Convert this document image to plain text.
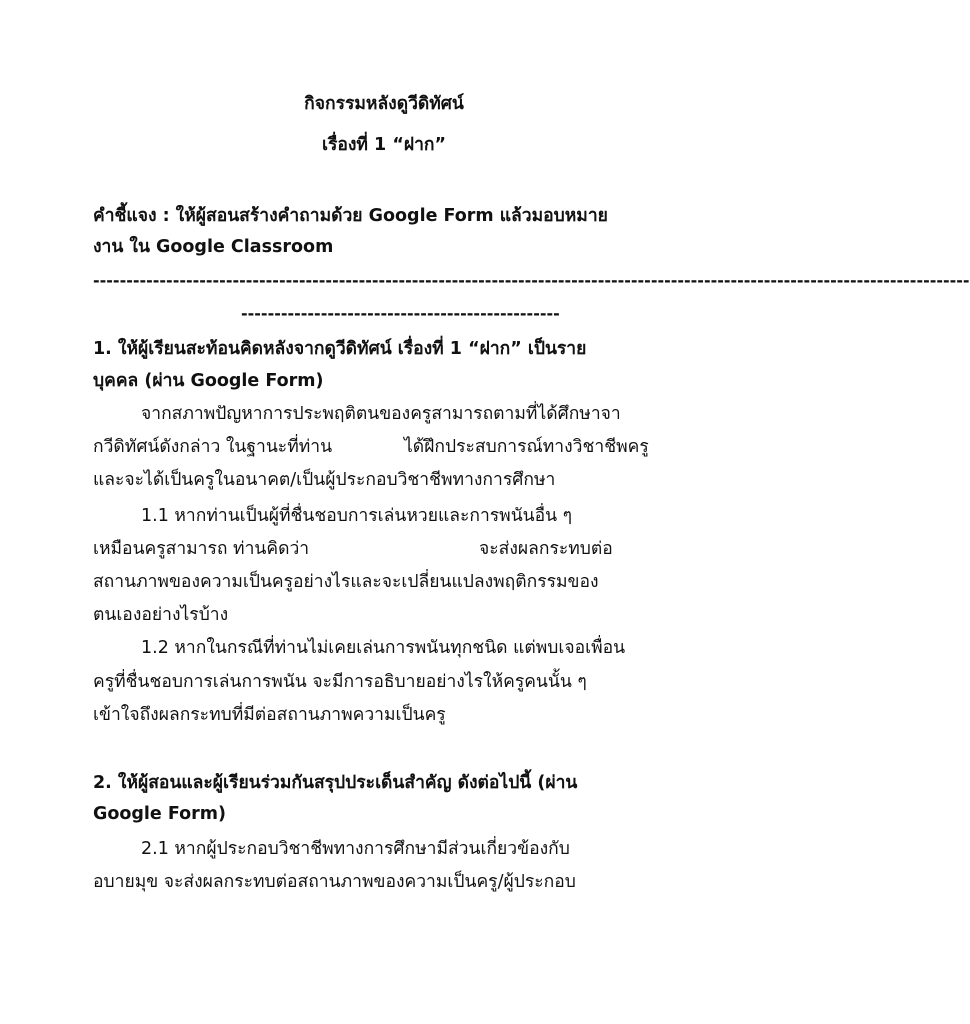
กิจกรรมหลังดูวีดิทัศน์
เรื่องที่ 1 “ฝาก”
คำชี้แจง : ให้ผู้สอนสร้างคำถามด้วย Google Form แล้วมอบหมาย
งาน ใน Google Classroom
------------------------------------------------------------------------------------------------------------------------------------
------------------------------------------------
1. ให้ผู้เรียนสะท้อนคิดหลังจากดูวีดิทัศน์ เรื่องที่ 1 “ฝาก” เป็นราย
บุคคล (ผ่าน Google Form)
จากสภาพปัญหาการประพฤติตนของครูสามารถตามที่ได้ศึกษาจา
กวีดิทัศน์ดังกล่าว ในฐานะที่ท่าน	ได้ฝึกประสบการณ์ทางวิชาชีพครู
และจะได้เป็นครูในอนาคต/เป็นผู้ประกอบวิชาชีพทางการศึกษา
1.1 หากท่านเป็นผู้ที่ชื่นชอบการเล่นหวยและการพนันอื่น ๆ
เหมือนครูสามารถ ท่านคิดว่า	จะส่งผลกระทบต่อ
สถานภาพของความเป็นครูอย่างไรและจะเปลี่ยนแปลงพฤติกรรมของ
ตนเองอย่างไรบ้าง
1.2 หากในกรณีที่ท่านไม่เคยเล่นการพนันทุกชนิด แต่พบเจอเพื่อน
ครูที่ชื่นชอบการเล่นการพนัน จะมีการอธิบายอย่างไรให้ครูคนนั้น ๆ
เข้าใจถึงผลกระทบที่มีต่อสถานภาพความเป็นครู
2. ให้ผู้สอนและผู้เรียนร่วมกันสรุปประเด็นสำคัญ ดังต่อไปนี้ (ผ่าน
Google Form)
2.1 หากผู้ประกอบวิชาชีพทางการศึกษามีส่วนเกี่ยวข้องกับ
อบายมุข จะส่งผลกระทบต่อสถานภาพของความเป็นครู/ผู้ประกอบ
